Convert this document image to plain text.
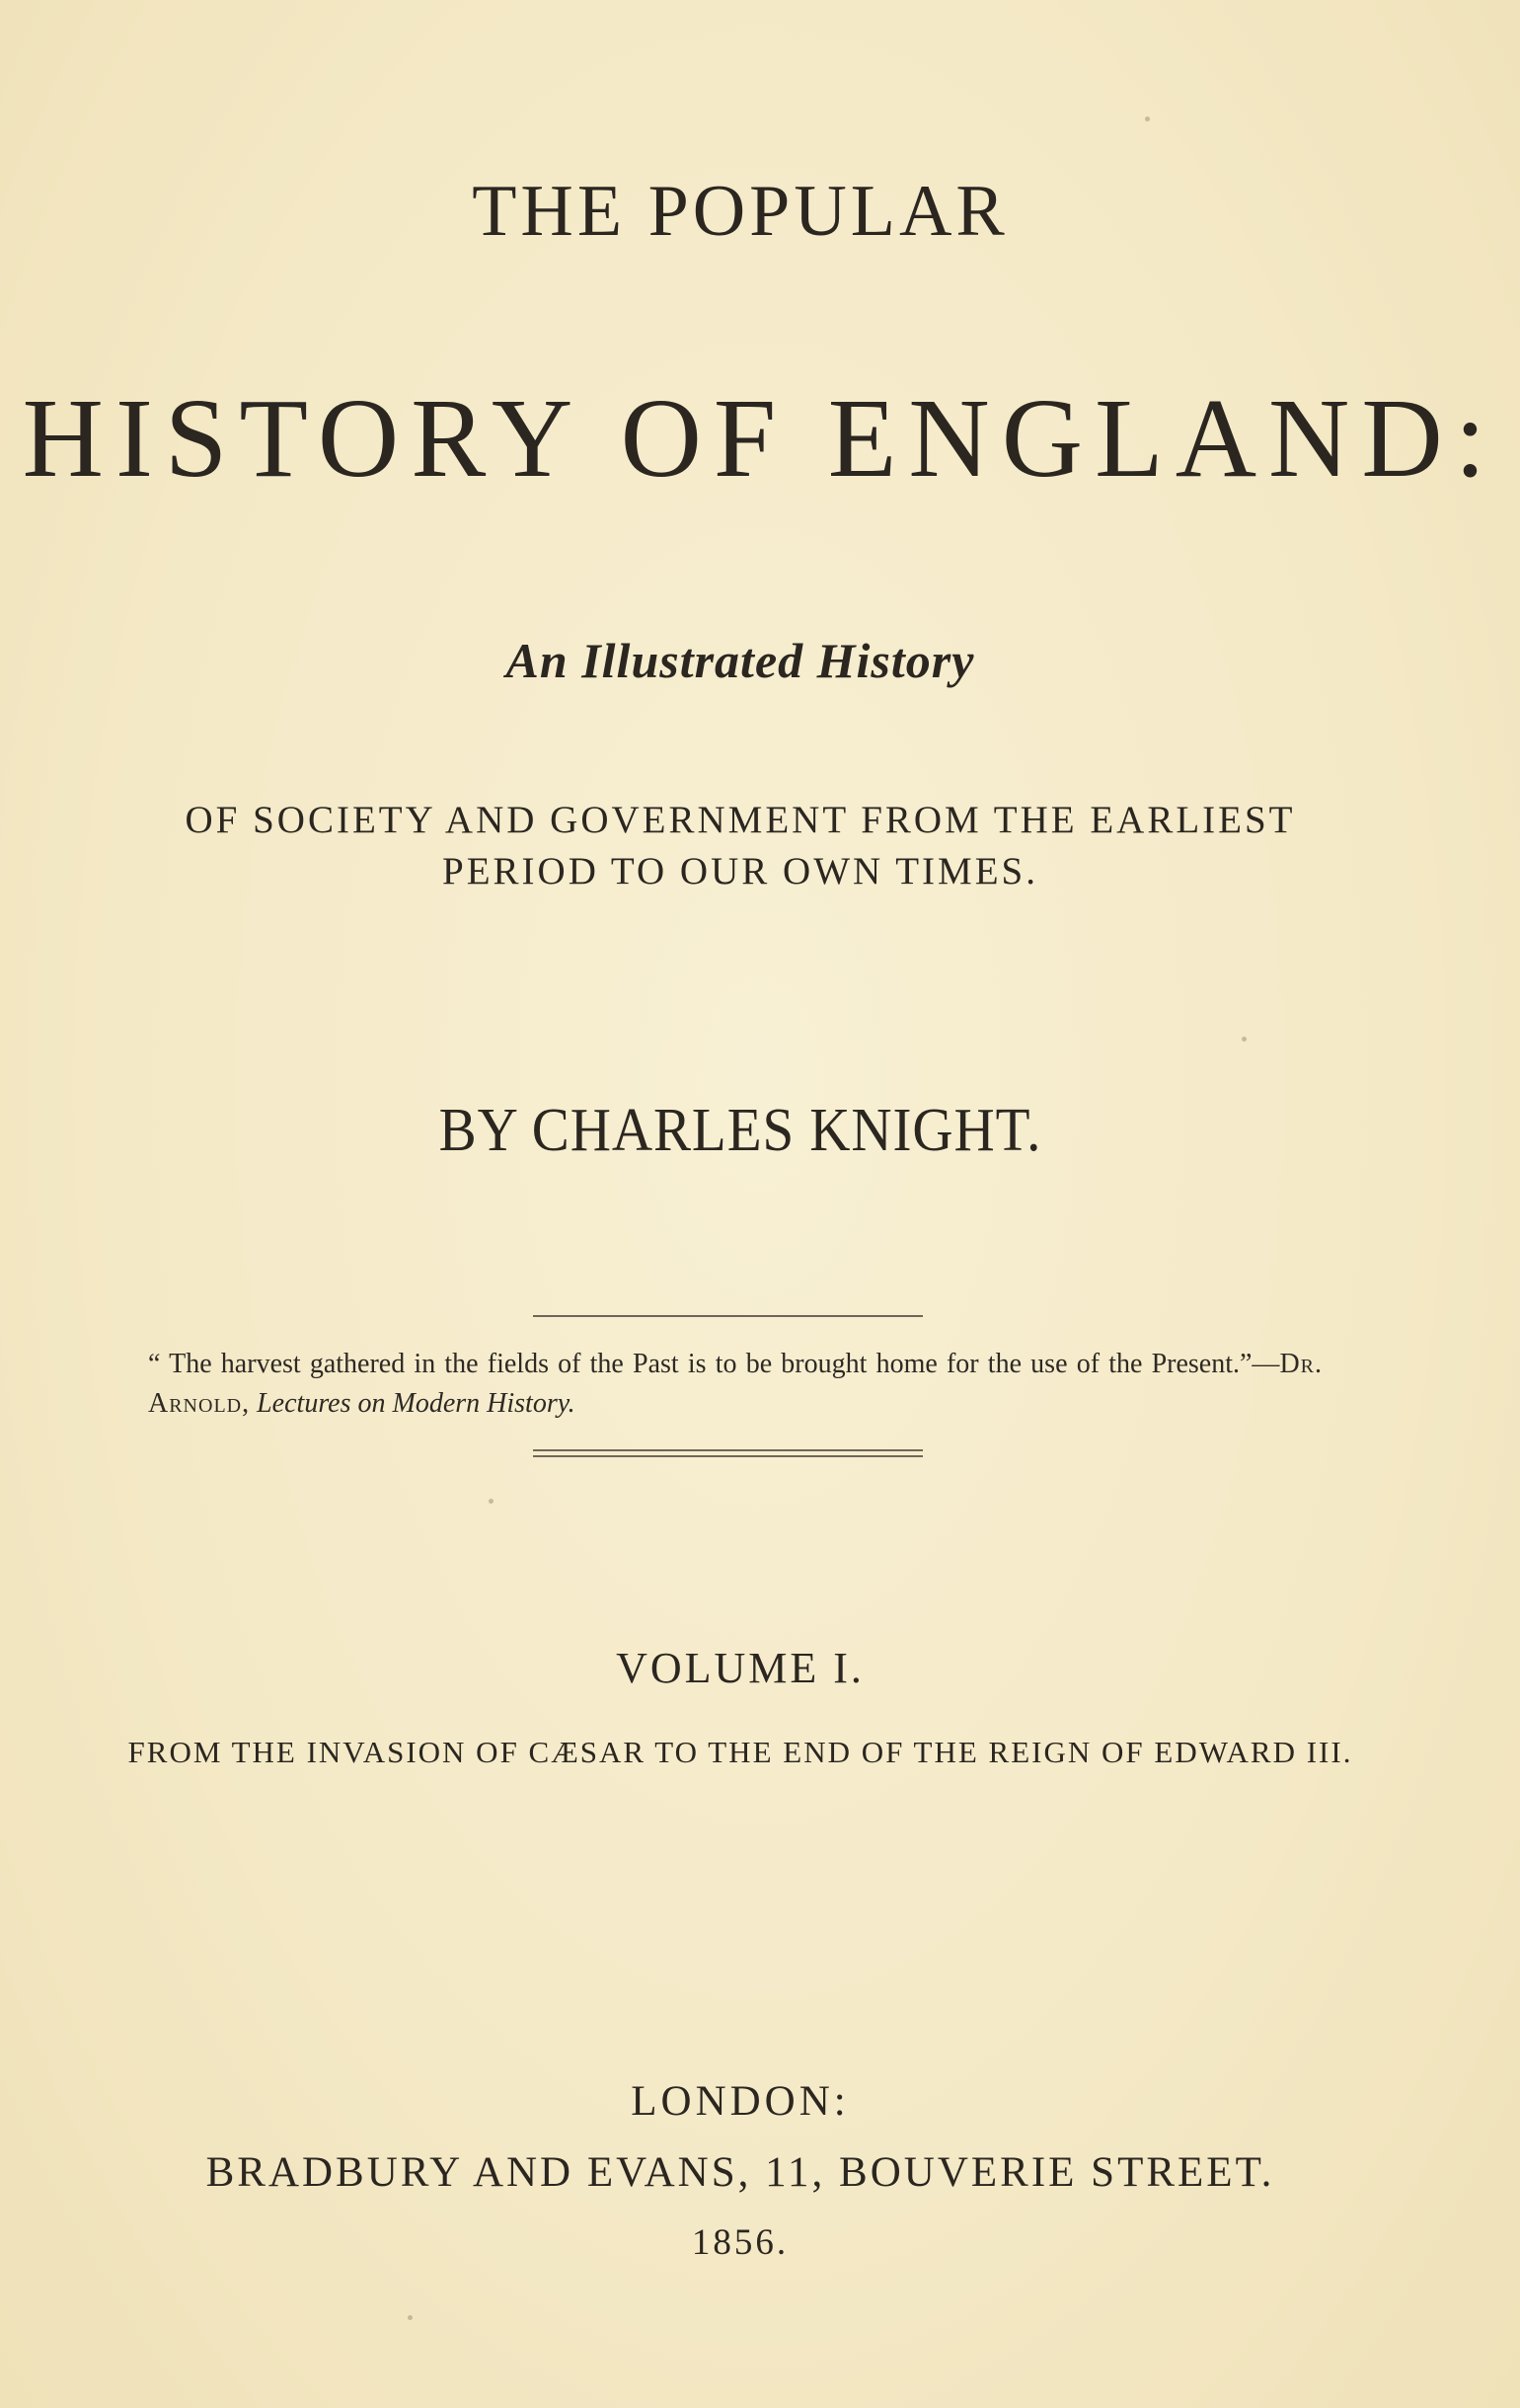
THE POPULAR
HISTORY OF ENGLAND:
An Illustrated History
OF SOCIETY AND GOVERNMENT FROM THE EARLIEST
PERIOD TO OUR OWN TIMES.
BY CHARLES KNIGHT.
“ The harvest gathered in the fields of the Past is to be brought home for the use of the Present.”—Dr. Arnold, Lectures on Modern History.
VOLUME I.
FROM THE INVASION OF CÆSAR TO THE END OF THE REIGN OF EDWARD III.
LONDON:
BRADBURY AND EVANS, 11, BOUVERIE STREET.
1856.
